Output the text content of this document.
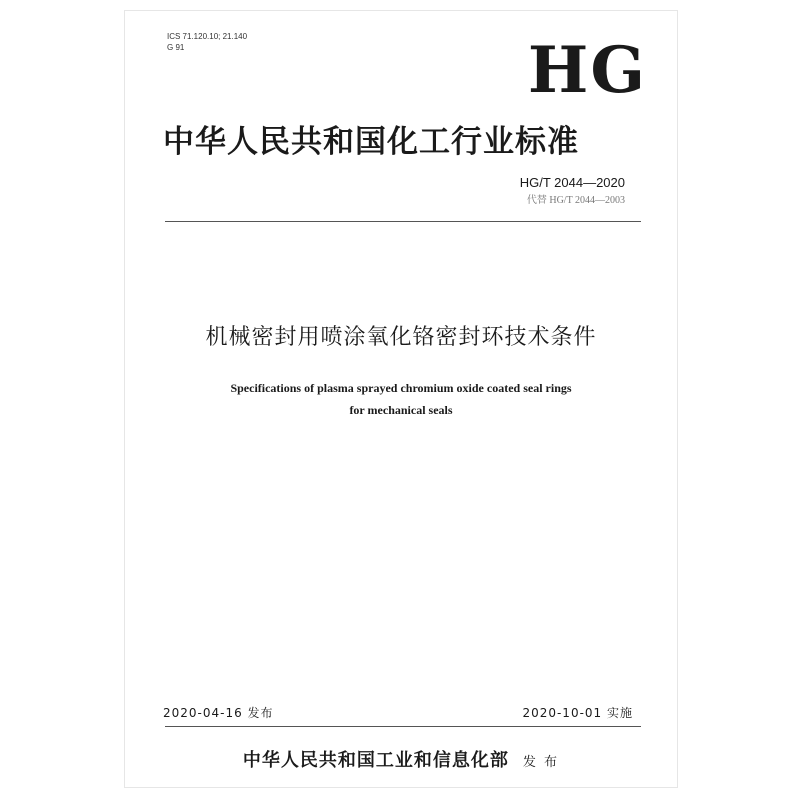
ICS 71.120.10; 21.140
G 91	HG
中华人民共和国化工行业标准
HG/T 2044—2020
代替 HG/T 2044—2003
机械密封用喷涂氧化铬密封环技术条件
Specifications of plasma sprayed chromium oxide coated seal rings
for mechanical seals
2020-04-16 发布	2020-10-01 实施
中华人民共和国工业和信息化部 发 布
